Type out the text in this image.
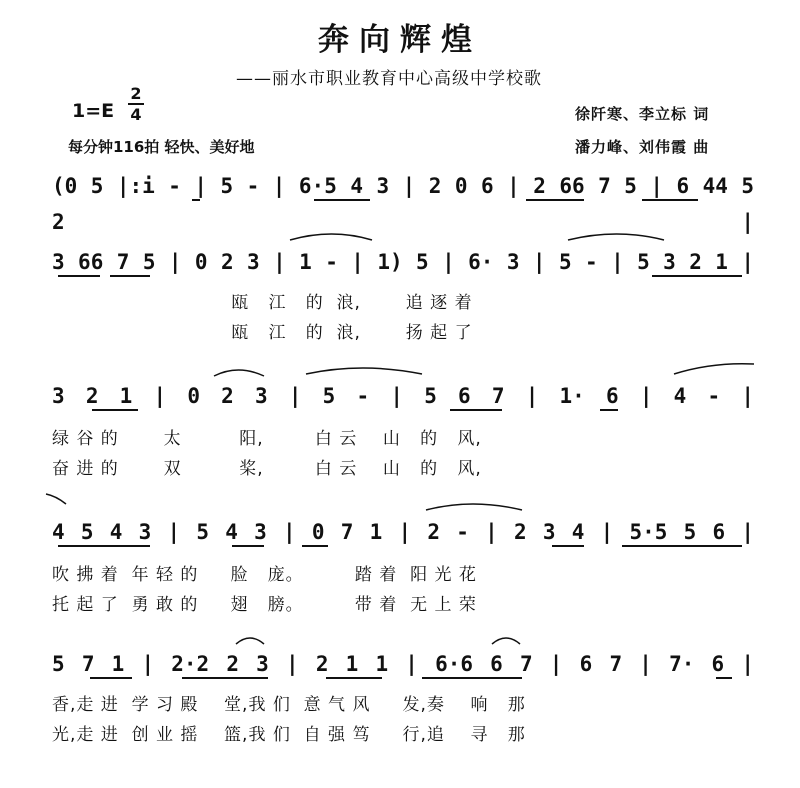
奔向辉煌
——丽水市职业教育中心高级中学校歌
1=E
2
4
每分钟116拍 轻快、美好地
徐阡寒、李立标 词
潘力峰、刘伟霞 曲
(0 5 |:i - | 5 - | 6·5 4 3 | 2 0 6 | 2 66 7 5 | 6 44 5 2 |
3 66 7 5 | 0 2 3 | 1 - | 1) 5 | 6· 3 | 5 - | 5 3 2 1 |
瓯   江   的  浪,       追 逐 着
瓯   江   的  浪,       扬 起 了
3 2 1 | 0 2 3 | 5 - | 5 6 7 | 1· 6 | 4 - |
绿 谷 的       太         阳,        白 云    山   的   风,
奋 进 的       双         桨,        白 云    山   的   风,
4 5 4 3 | 5 4 3 | 0 7 1 | 2 - | 2 3 4 | 5·5 5 6 |
吹 拂 着  年 轻 的     脸   庞。        踏 着  阳 光 花
托 起 了  勇 敢 的     翅   膀。        带 着  无 上 荣
5 7 1 | 2·2 2 3 | 2 1 1 | 6·6 6 7 | 6 7 | 7· 6 |
香,走 进  学 习 殿    堂,我 们  意 气 风     发,奏    响   那
光,走 进  创 业 摇    篮,我 们  自 强 笃     行,追    寻   那
